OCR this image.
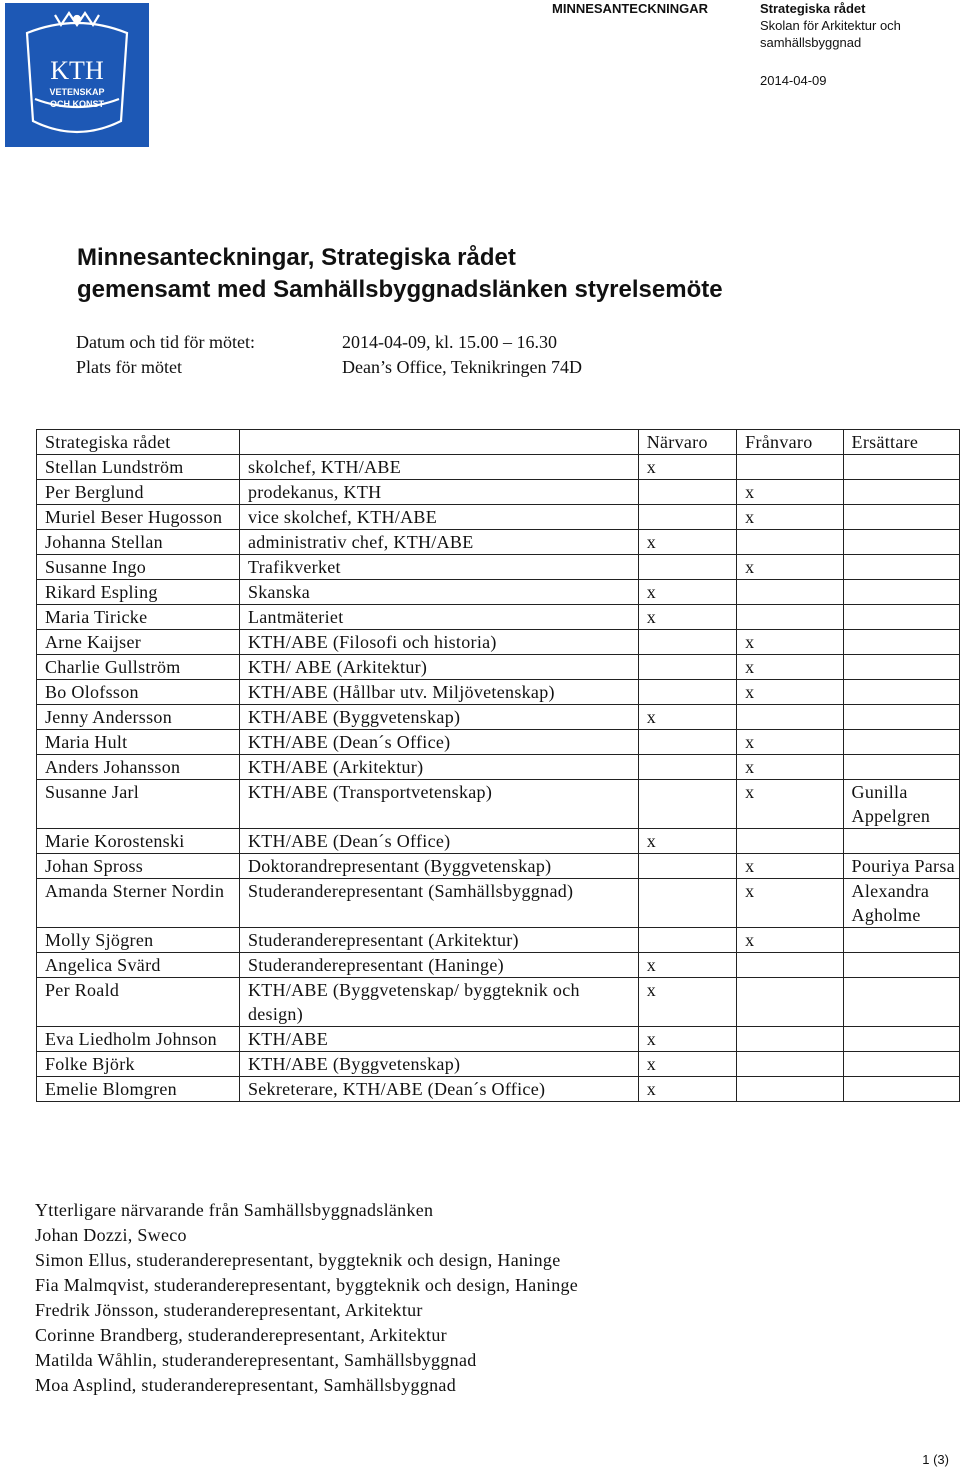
KTH
VETENSKAP
OCH KONST
MINNESANTECKNINGAR	Strategiska rådet
Skolan för Arkitektur och
samhällsbyggnad
2014-04-09
Minnesanteckningar, Strategiska rådet
gemensamt med Samhällsbyggnadslänken styrelsemöte
Datum och tid för mötet:	2014-04-09, kl. 15.00 – 16.30
Plats för mötet	Dean’s Office, Teknikringen 74D
Strategiska rådet		Närvaro	Frånvaro	Ersättare
Stellan Lundström	skolchef, KTH/ABE	x		
Per Berglund	prodekanus, KTH		x	
Muriel Beser Hugosson	vice skolchef, KTH/ABE		x	
Johanna Stellan	administrativ chef, KTH/ABE	x		
Susanne Ingo	Trafikverket		x	
Rikard Espling	Skanska	x		
Maria Tiricke	Lantmäteriet	x		
Arne Kaijser	KTH/ABE (Filosofi och historia)		x	
Charlie Gullström	KTH/ ABE (Arkitektur)		x	
Bo Olofsson	KTH/ABE (Hållbar utv. Miljövetenskap)		x	
Jenny Andersson	KTH/ABE (Byggvetenskap)	x		
Maria Hult	KTH/ABE (Dean´s Office)		x	
Anders Johansson	KTH/ABE (Arkitektur)		x	
Susanne Jarl	KTH/ABE (Transportvetenskap)		x	Gunilla Appelgren
Marie Korostenski	KTH/ABE (Dean´s Office)	x		
Johan Spross	Doktorandrepresentant (Byggvetenskap)		x	Pouriya Parsa
Amanda Sterner Nordin	Studeranderepresentant (Samhällsbyggnad)		x	Alexandra Agholme
Molly Sjögren	Studeranderepresentant (Arkitektur)		x	
Angelica Svärd	Studeranderepresentant (Haninge)	x		
Per Roald	KTH/ABE (Byggvetenskap/ byggteknik och design)	x		
Eva Liedholm Johnson	KTH/ABE	x		
Folke Björk	KTH/ABE (Byggvetenskap)	x		
Emelie Blomgren	Sekreterare, KTH/ABE (Dean´s Office)	x		
Ytterligare närvarande från Samhällsbyggnadslänken
Johan Dozzi, Sweco
Simon Ellus, studeranderepresentant, byggteknik och design, Haninge
Fia Malmqvist, studeranderepresentant, byggteknik och design, Haninge
Fredrik Jönsson, studeranderepresentant, Arkitektur
Corinne Brandberg, studeranderepresentant, Arkitektur
Matilda Wåhlin, studeranderepresentant, Samhällsbyggnad
Moa Asplind, studeranderepresentant, Samhällsbyggnad
1 (3)
